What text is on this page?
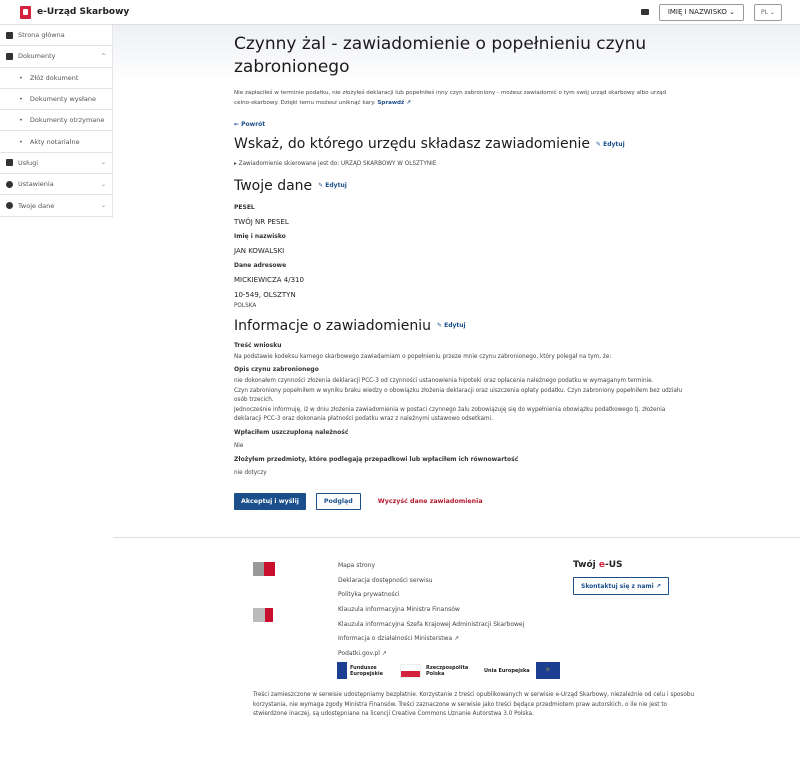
e-Urząd Skarbowy	IMIĘ I NAZWISKO ⌄	PL ⌄
Strona główna
Dokumenty	^
• Złóż dokument
• Dokumenty wysłane
• Dokumenty otrzymane
• Akty notarialne
Usługi	⌄
Ustawienia	⌄
Twoje dane	⌄
Czynny żal - zawiadomienie o popełnieniu czynu zabronionego

Nie zapłaciłeś w terminie podatku, nie złożyłeś deklaracji lub popełniłeś inny czyn zabroniony - możesz zawiadomić o tym swój urząd skarbowy albo urząd celno-skarbowy. Dzięki temu możesz uniknąć kary. Sprawdź ↗

← Powrót
Wskaż, do którego urzędu składasz zawiadomienie ✎ Edytuj
▸ Zawiadomienie skierowane jest do: URZĄD SKARBOWY W OLSZTYNIE
Twoje dane ✎ Edytuj
PESEL
TWÓJ NR PESEL
Imię i nazwisko
JAN KOWALSKI
Dane adresowe
MICKIEWICZA 4/310
10-549, OLSZTYN
POLSKA
Informacje o zawiadomieniu ✎ Edytuj
Treść wniosku
Na podstawie kodeksu karnego skarbowego zawiadamiam o popełnieniu przeze mnie czynu zabronionego, który polegał na tym, że:
Opis czynu zabronionego
nie dokonałem czynności złożenia deklaracji PCC-3 od czynności ustanowienia hipoteki oraz opłacenia należnego podatku w wymaganym terminie.
Czyn zabroniony popełniłem w wyniku braku wiedzy o obowiązku złożenia deklaracji oraz uiszczenia opłaty podatku. Czyn zabroniony popełniłem bez udziału osób trzecich.
Jednocześnie informuję, iż w dniu złożenia zawiadomienia w postaci czynnego żalu zobowiązuję się do wypełnienia obowiązku podatkowego tj. złożenia deklaracji PCC-3 oraz dokonania płatności podatku wraz z należnymi ustawowo odsetkami.
Wpłaciłem uszczuploną należność
Nie
Złożyłem przedmioty, które podlegają przepadkowi lub wpłaciłem ich równowartość
nie dotyczy
Akceptuj i wyślij	Podgląd	Wyczyść dane zawiadomienia
Mapa strony
Deklaracja dostępności serwisu
Polityka prywatności
Klauzula informacyjna Ministra Finansów
Klauzula informacyjna Szefa Krajowej Administracji Skarbowej
Informacja o działalności Ministerstwa ↗
Podatki.gov.pl ↗
Fundusze Europejskie
Rzeczpospolita Polska	Unia Europejska	✩
Twój e-US
Skontaktuj się z nami ↗
Treści zamieszczone w serwisie udostępniamy bezpłatnie. Korzystanie z treści opublikowanych w serwisie e-Urząd Skarbowy, niezależnie od celu i sposobu korzystania, nie wymaga zgody Ministra Finansów. Treści zaznaczone w serwisie jako treści będące przedmiotem praw autorskich, o ile nie jest to stwierdzone inaczej, są udostępniane na licencji Creative Commons Uznanie Autorstwa 3.0 Polska.
